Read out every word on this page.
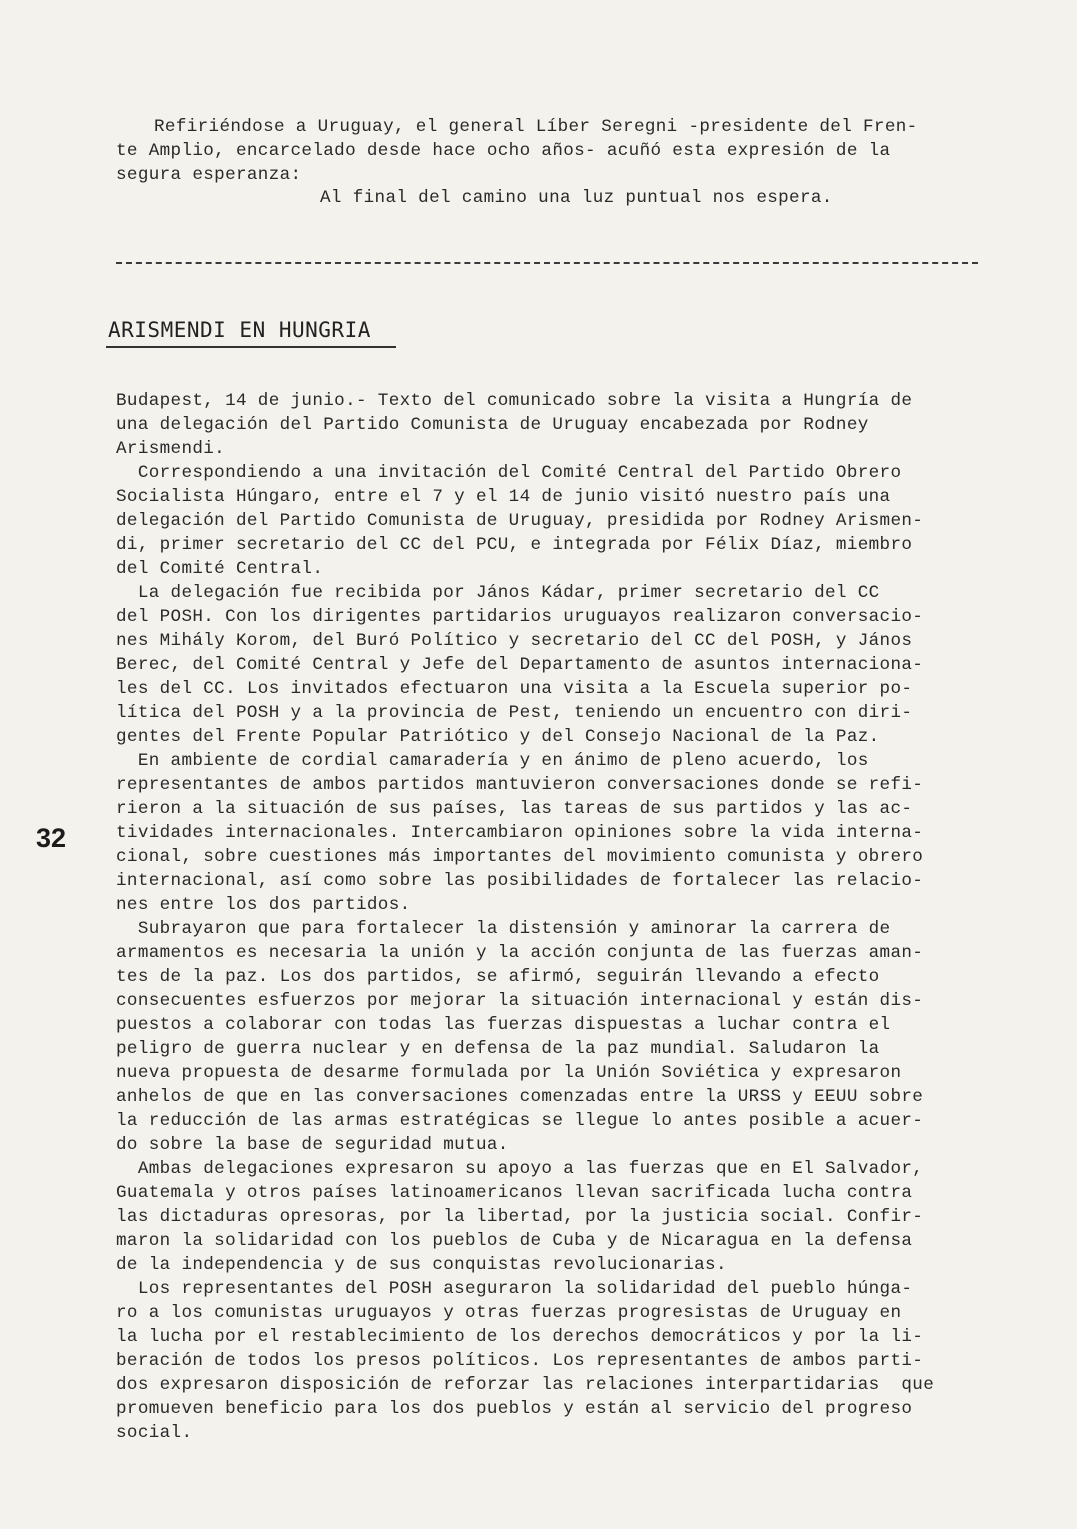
Refiriéndose a Uruguay, el general Líber Seregni -presidente del Fren-
te Amplio, encarcelado desde hace ocho años- acuñó esta expresión de la
segura esperanza:
Al final del camino una luz puntual nos espera.
ARISMENDI EN HUNGRIA
32
Budapest, 14 de junio.- Texto del comunicado sobre la visita a Hungría de
una delegación del Partido Comunista de Uruguay encabezada por Rodney
Arismendi.
Correspondiendo a una invitación del Comité Central del Partido Obrero
Socialista Húngaro, entre el 7 y el 14 de junio visitó nuestro país una
delegación del Partido Comunista de Uruguay, presidida por Rodney Arismen-
di, primer secretario del CC del PCU, e integrada por Félix Díaz, miembro
del Comité Central.
La delegación fue recibida por János Kádar, primer secretario del CC
del POSH. Con los dirigentes partidarios uruguayos realizaron conversacio-
nes Mihály Korom, del Buró Político y secretario del CC del POSH, y János
Berec, del Comité Central y Jefe del Departamento de asuntos internaciona-
les del CC. Los invitados efectuaron una visita a la Escuela superior po-
lítica del POSH y a la provincia de Pest, teniendo un encuentro con diri-
gentes del Frente Popular Patriótico y del Consejo Nacional de la Paz.
En ambiente de cordial camaradería y en ánimo de pleno acuerdo, los
representantes de ambos partidos mantuvieron conversaciones donde se refi-
rieron a la situación de sus países, las tareas de sus partidos y las ac-
tividades internacionales. Intercambiaron opiniones sobre la vida interna-
cional, sobre cuestiones más importantes del movimiento comunista y obrero
internacional, así como sobre las posibilidades de fortalecer las relacio-
nes entre los dos partidos.
Subrayaron que para fortalecer la distensión y aminorar la carrera de
armamentos es necesaria la unión y la acción conjunta de las fuerzas aman-
tes de la paz. Los dos partidos, se afirmó, seguirán llevando a efecto
consecuentes esfuerzos por mejorar la situación internacional y están dis-
puestos a colaborar con todas las fuerzas dispuestas a luchar contra el
peligro de guerra nuclear y en defensa de la paz mundial. Saludaron la
nueva propuesta de desarme formulada por la Unión Soviética y expresaron
anhelos de que en las conversaciones comenzadas entre la URSS y EEUU sobre
la reducción de las armas estratégicas se llegue lo antes posible a acuer-
do sobre la base de seguridad mutua.
Ambas delegaciones expresaron su apoyo a las fuerzas que en El Salvador,
Guatemala y otros países latinoamericanos llevan sacrificada lucha contra
las dictaduras opresoras, por la libertad, por la justicia social. Confir-
maron la solidaridad con los pueblos de Cuba y de Nicaragua en la defensa
de la independencia y de sus conquistas revolucionarias.
Los representantes del POSH aseguraron la solidaridad del pueblo húnga-
ro a los comunistas uruguayos y otras fuerzas progresistas de Uruguay en
la lucha por el restablecimiento de los derechos democráticos y por la li-
beración de todos los presos políticos. Los representantes de ambos parti-
dos expresaron disposición de reforzar las relaciones interpartidarias  que
promueven beneficio para los dos pueblos y están al servicio del progreso
social.
